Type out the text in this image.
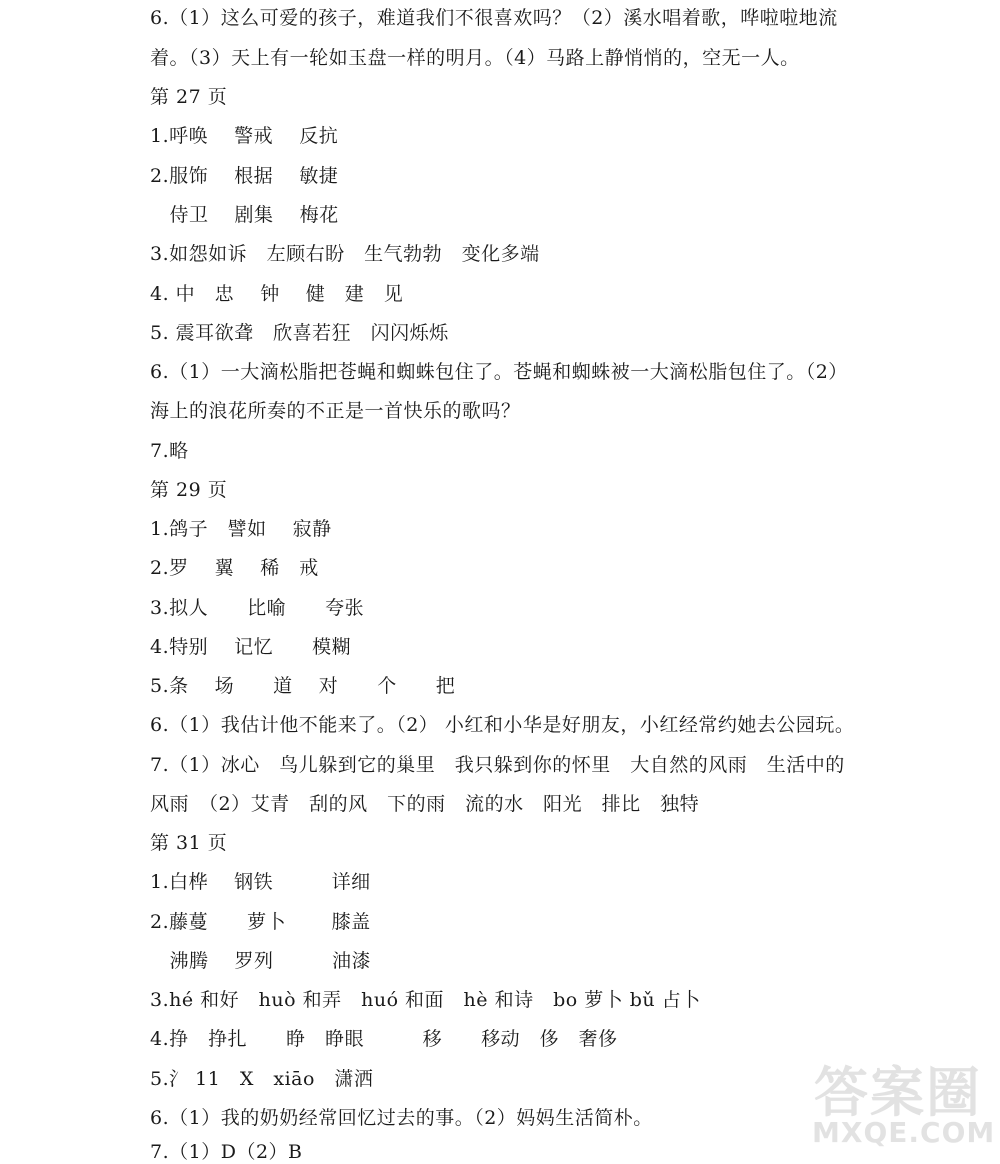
6.（1）这么可爱的孩子，难道我们不很喜欢吗？（2）溪水唱着歌，哗啦啦地流
着。（3）天上有一轮如玉盘一样的明月。（4）马路上静悄悄的，空无一人。
第 27 页
1.呼唤　 警戒　 反抗
2.服饰　 根据　 敏捷
　侍卫　 剧集　 梅花
3.如怨如诉　左顾右盼　生气勃勃　变化多端
4. 中　忠　 钟　 健　建　见
5. 震耳欲聋　欣喜若狂　闪闪烁烁
6.（1）一大滴松脂把苍蝇和蜘蛛包住了。苍蝇和蜘蛛被一大滴松脂包住了。（2）
海上的浪花所奏的不正是一首快乐的歌吗？
7.略
第 29 页
1.鸽子　譬如　 寂静
2.罗　 翼　 稀　戒
3.拟人　　比喻　　夸张
4.特别　 记忆　　模糊
5.条　 场　　道　 对　　个　　把
6.（1）我估计他不能来了。（2） 小红和小华是好朋友，小红经常约她去公园玩。
7.（1）冰心　鸟儿躲到它的巢里　我只躲到你的怀里　大自然的风雨　生活中的
风雨　（2）艾青　刮的风　下的雨　流的水　阳光　排比　独特
第 31 页
1.白桦　 钢铁　　　详细
2.藤蔓　　萝卜　　 膝盖
　沸腾　 罗列　　　油漆
3.hé 和好　huò 和弄　huó 和面　hè 和诗　bo 萝卜 bǔ 占卜
4.挣　挣扎　　睁　睁眼　　　移　　移动　侈　奢侈
5.氵 11　X　xiāo　潇洒
6.（1）我的奶奶经常回忆过去的事。（2）妈妈生活简朴。
7.（1）D（2）B
答案圈
MXQE.COM
